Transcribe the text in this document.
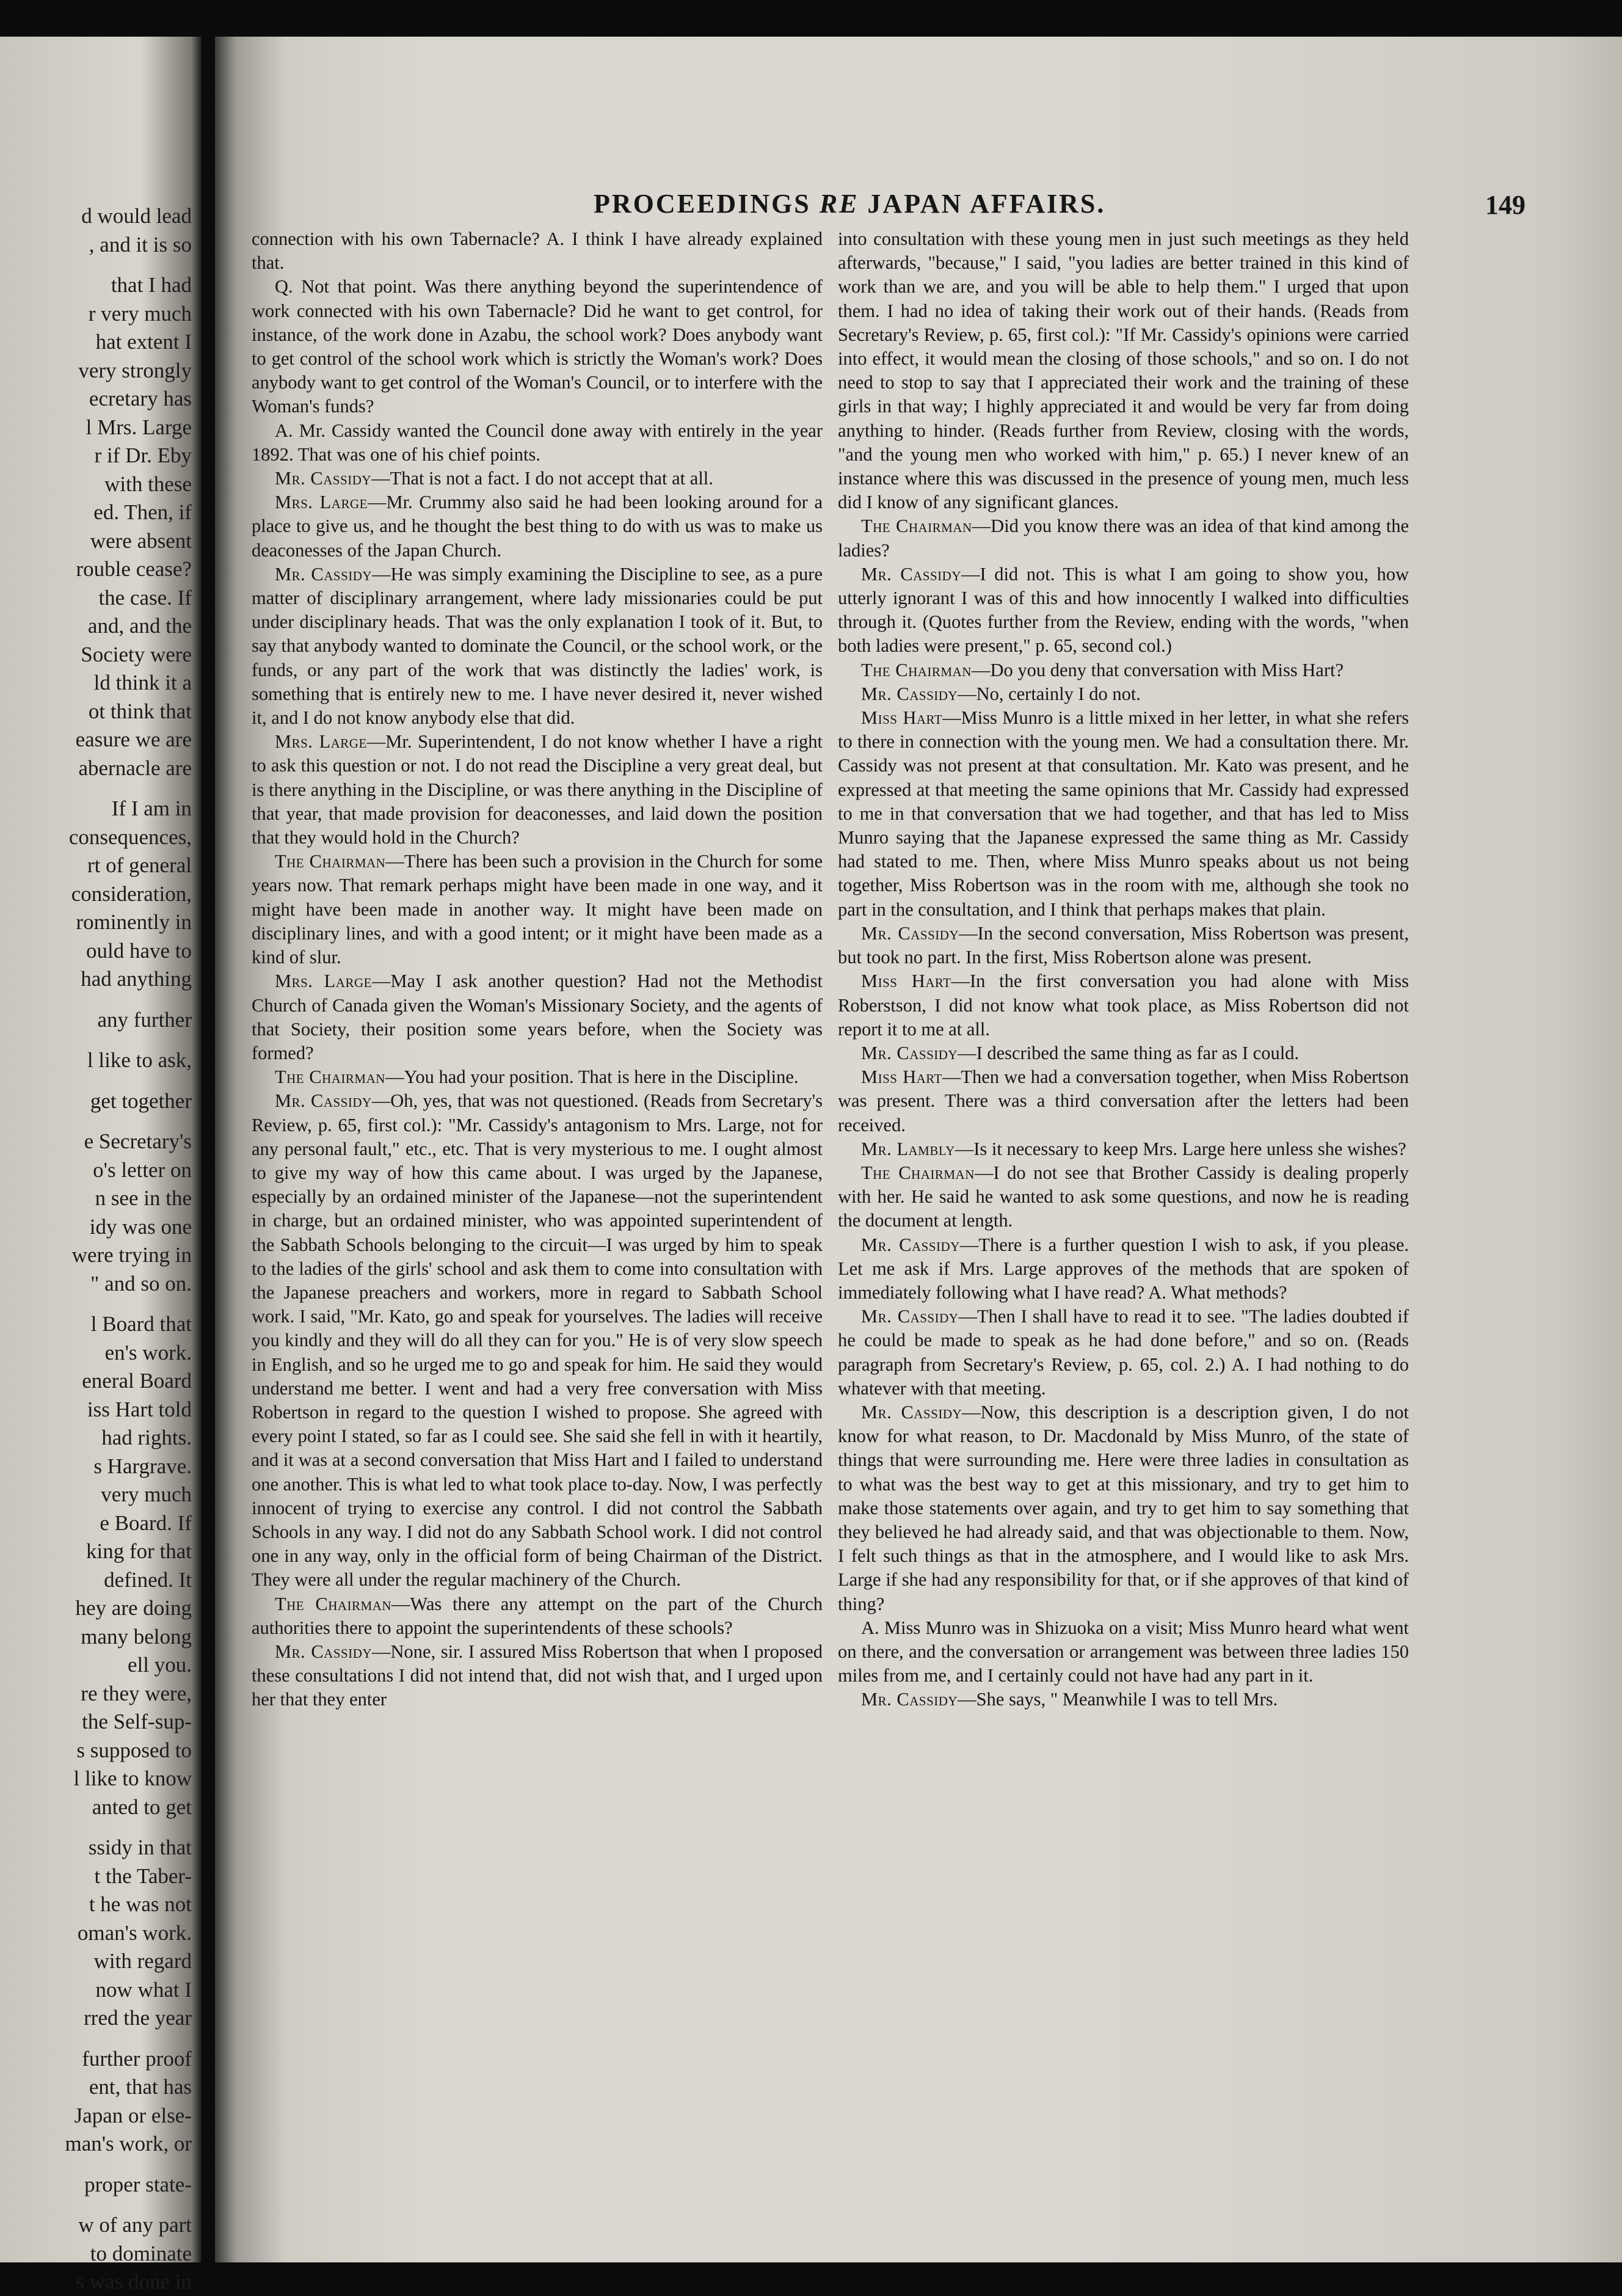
d would lead
, and it is so
that I had
r very much
hat extent I
very strongly
ecretary has
l Mrs. Large
r if Dr. Eby
with these
ed. Then, if
were absent
rouble cease?
the case. If
and, and the
Society were
ld think it a
ot think that
easure we are
abernacle are
If I am in
consequences,
rt of general
consideration,
rominently in
ould have to
had anything
any further
l like to ask,
get together
e Secretary's
o's letter on
n see in the
idy was one
were trying in
" and so on.
l Board that
en's work.
eneral Board
iss Hart told
had rights.
s Hargrave.
very much
e Board. If
king for that
defined. It
hey are doing
many belong
ell you.
re they were,
the Self-sup-
s supposed to
l like to know
anted to get
ssidy in that
t the Taber-
t he was not
oman's work.
with regard
now what I
rred the year
further proof
ent, that has
Japan or else-
man's work, or
proper state-
w of any part
to dominate
s was done in
PROCEEDINGS RE JAPAN AFFAIRS.	149

connection with his own Tabernacle? A. I think I have already explained that.

Q. Not that point. Was there anything beyond the superintendence of work connected with his own Tabernacle? Did he want to get control, for instance, of the work done in Azabu, the school work? Does anybody want to get control of the school work which is strictly the Woman's work? Does anybody want to get control of the Woman's Council, or to interfere with the Woman's funds?

A. Mr. Cassidy wanted the Council done away with entirely in the year 1892. That was one of his chief points.

Mr. Cassidy—That is not a fact. I do not accept that at all.

Mrs. Large—Mr. Crummy also said he had been looking around for a place to give us, and he thought the best thing to do with us was to make us deaconesses of the Japan Church.

Mr. Cassidy—He was simply examining the Discipline to see, as a pure matter of disciplinary arrangement, where lady missionaries could be put under disciplinary heads. That was the only explanation I took of it. But, to say that anybody wanted to dominate the Council, or the school work, or the funds, or any part of the work that was distinctly the ladies' work, is something that is entirely new to me. I have never desired it, never wished it, and I do not know anybody else that did.

Mrs. Large—Mr. Superintendent, I do not know whether I have a right to ask this question or not. I do not read the Discipline a very great deal, but is there anything in the Discipline, or was there anything in the Discipline of that year, that made provision for deaconesses, and laid down the position that they would hold in the Church?

The Chairman—There has been such a provision in the Church for some years now. That remark perhaps might have been made in one way, and it might have been made in another way. It might have been made on disciplinary lines, and with a good intent; or it might have been made as a kind of slur.

Mrs. Large—May I ask another question? Had not the Methodist Church of Canada given the Woman's Missionary Society, and the agents of that Society, their position some years before, when the Society was formed?

The Chairman—You had your position. That is here in the Discipline.

Mr. Cassidy—Oh, yes, that was not questioned. (Reads from Secretary's Review, p. 65, first col.): "Mr. Cassidy's antagonism to Mrs. Large, not for any personal fault," etc., etc. That is very mysterious to me. I ought almost to give my way of how this came about. I was urged by the Japanese, especially by an ordained minister of the Japanese—not the superintendent in charge, but an ordained minister, who was appointed superintendent of the Sabbath Schools belonging to the circuit—I was urged by him to speak to the ladies of the girls' school and ask them to come into consultation with the Japanese preachers and workers, more in regard to Sabbath School work. I said, "Mr. Kato, go and speak for yourselves. The ladies will receive you kindly and they will do all they can for you." He is of very slow speech in English, and so he urged me to go and speak for him. He said they would understand me better. I went and had a very free conversation with Miss Robertson in regard to the question I wished to propose. She agreed with every point I stated, so far as I could see. She said she fell in with it heartily, and it was at a second conversation that Miss Hart and I failed to understand one another. This is what led to what took place to-day. Now, I was perfectly innocent of trying to exercise any control. I did not control the Sabbath Schools in any way. I did not do any Sabbath School work. I did not control one in any way, only in the official form of being Chairman of the District. They were all under the regular machinery of the Church.

The Chairman—Was there any attempt on the part of the Church authorities there to appoint the superintendents of these schools?

Mr. Cassidy—None, sir. I assured Miss Robertson that when I proposed these consultations I did not intend that, did not wish that, and I urged upon her that they enter

into consultation with these young men in just such meetings as they held afterwards, "because," I said, "you ladies are better trained in this kind of work than we are, and you will be able to help them." I urged that upon them. I had no idea of taking their work out of their hands. (Reads from Secretary's Review, p. 65, first col.): "If Mr. Cassidy's opinions were carried into effect, it would mean the closing of those schools," and so on. I do not need to stop to say that I appreciated their work and the training of these girls in that way; I highly appreciated it and would be very far from doing anything to hinder. (Reads further from Review, closing with the words, "and the young men who worked with him," p. 65.) I never knew of an instance where this was discussed in the presence of young men, much less did I know of any significant glances.

The Chairman—Did you know there was an idea of that kind among the ladies?

Mr. Cassidy—I did not. This is what I am going to show you, how utterly ignorant I was of this and how innocently I walked into difficulties through it. (Quotes further from the Review, ending with the words, "when both ladies were present," p. 65, second col.)

The Chairman—Do you deny that conversation with Miss Hart?

Mr. Cassidy—No, certainly I do not.

Miss Hart—Miss Munro is a little mixed in her letter, in what she refers to there in connection with the young men. We had a consultation there. Mr. Cassidy was not present at that consultation. Mr. Kato was present, and he expressed at that meeting the same opinions that Mr. Cassidy had expressed to me in that conversation that we had together, and that has led to Miss Munro saying that the Japanese expressed the same thing as Mr. Cassidy had stated to me. Then, where Miss Munro speaks about us not being together, Miss Robertson was in the room with me, although she took no part in the consultation, and I think that perhaps makes that plain.

Mr. Cassidy—In the second conversation, Miss Robertson was present, but took no part. In the first, Miss Robertson alone was present.

Miss Hart—In the first conversation you had alone with Miss Roberstson, I did not know what took place, as Miss Robertson did not report it to me at all.

Mr. Cassidy—I described the same thing as far as I could.

Miss Hart—Then we had a conversation together, when Miss Robertson was present. There was a third conversation after the letters had been received.

Mr. Lambly—Is it necessary to keep Mrs. Large here unless she wishes?

The Chairman—I do not see that Brother Cassidy is dealing properly with her. He said he wanted to ask some questions, and now he is reading the document at length.

Mr. Cassidy—There is a further question I wish to ask, if you please. Let me ask if Mrs. Large approves of the methods that are spoken of immediately following what I have read? A. What methods?

Mr. Cassidy—Then I shall have to read it to see. "The ladies doubted if he could be made to speak as he had done before," and so on. (Reads paragraph from Secretary's Review, p. 65, col. 2.) A. I had nothing to do whatever with that meeting.

Mr. Cassidy—Now, this description is a description given, I do not know for what reason, to Dr. Macdonald by Miss Munro, of the state of things that were surrounding me. Here were three ladies in consultation as to what was the best way to get at this missionary, and try to get him to make those statements over again, and try to get him to say something that they believed he had already said, and that was objectionable to them. Now, I felt such things as that in the atmosphere, and I would like to ask Mrs. Large if she had any responsibility for that, or if she approves of that kind of thing?

A. Miss Munro was in Shizuoka on a visit; Miss Munro heard what went on there, and the conversation or arrangement was between three ladies 150 miles from me, and I certainly could not have had any part in it.

Mr. Cassidy—She says, " Meanwhile I was to tell Mrs.
